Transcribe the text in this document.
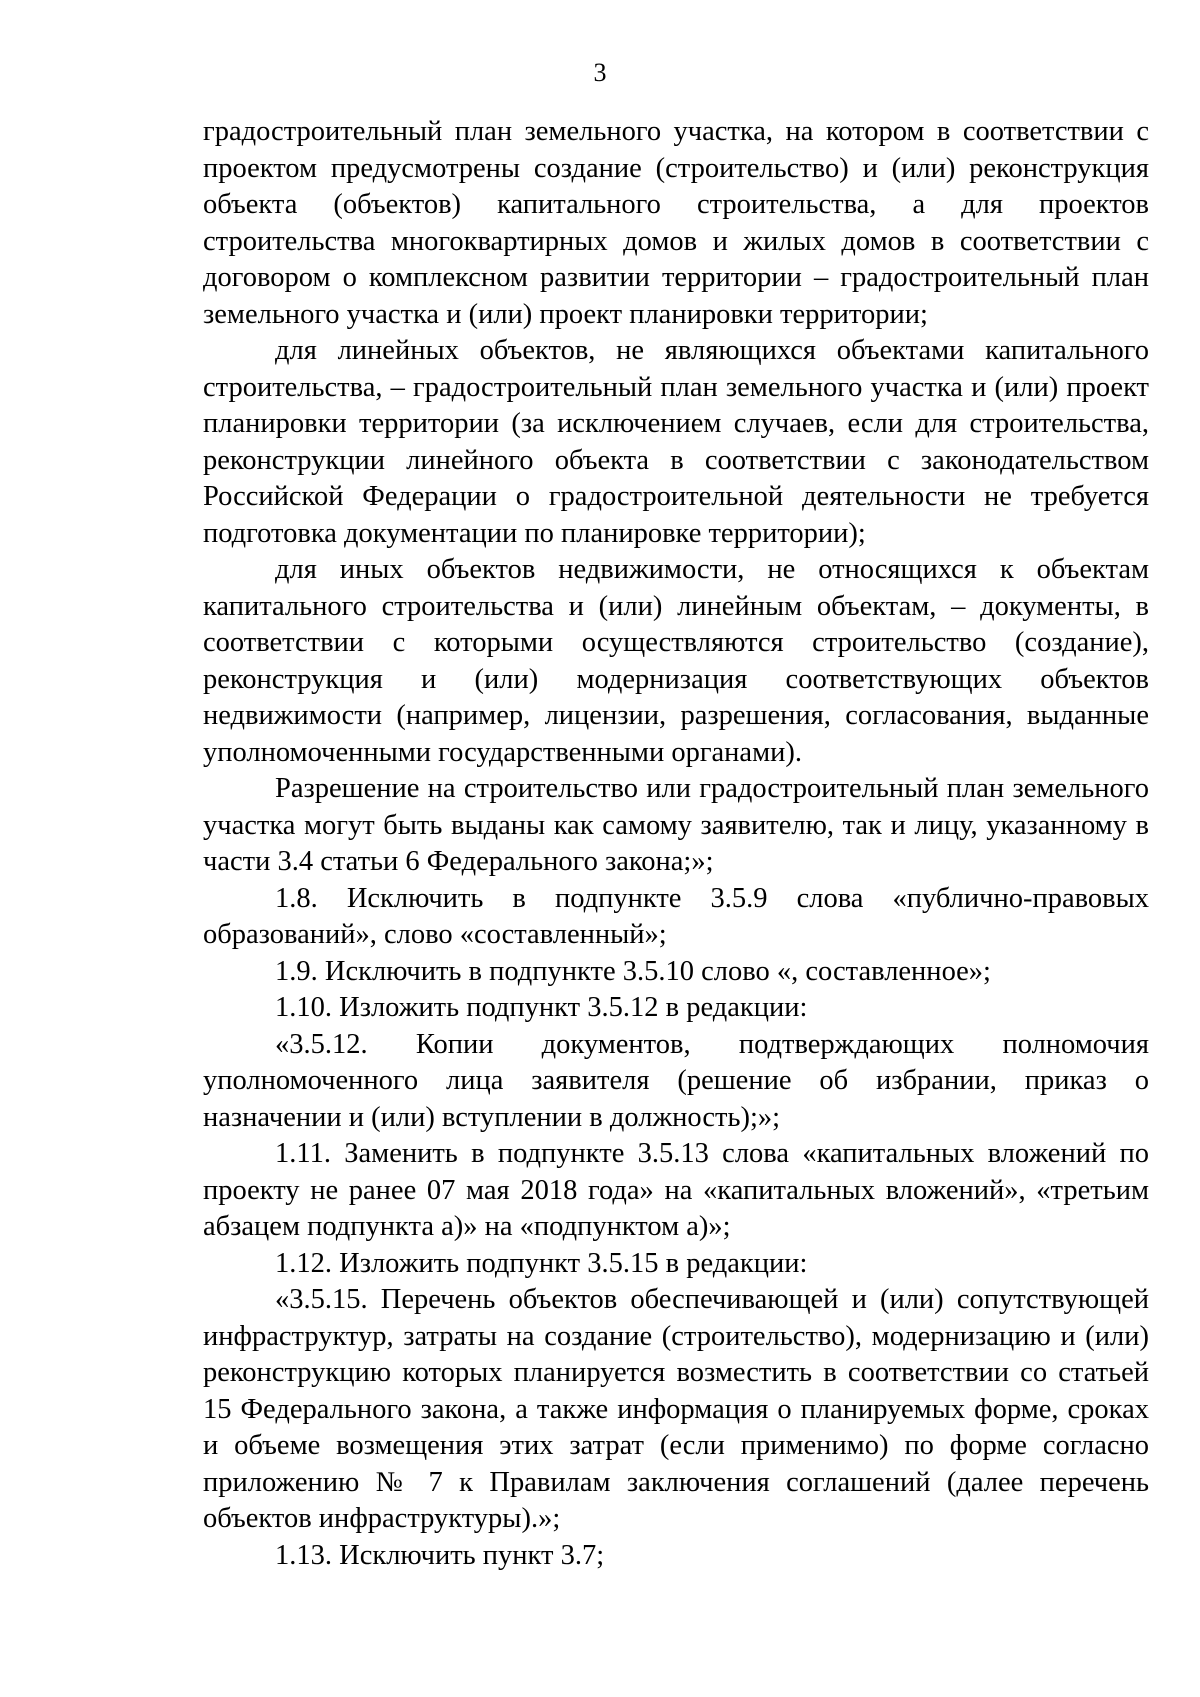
3

градостроительный план земельного участка, на котором в соответствии с проектом предусмотрены создание (строительство) и (или) реконструкция объекта (объектов) капитального строительства, а для проектов строительства многоквартирных домов и жилых домов в соответствии с договором о комплексном развитии территории – градостроительный план земельного участка и (или) проект планировки территории;

для линейных объектов, не являющихся объектами капитального строительства, – градостроительный план земельного участка и (или) проект планировки территории (за исключением случаев, если для строительства, реконструкции линейного объекта в соответствии с законодательством Российской Федерации о градостроительной деятельности не требуется подготовка документации по планировке территории);

для иных объектов недвижимости, не относящихся к объектам капитального строительства и (или) линейным объектам, – документы, в соответствии с которыми осуществляются строительство (создание), реконструкция и (или) модернизация соответствующих объектов недвижимости (например, лицензии, разрешения, согласования, выданные уполномоченными государственными органами).

Разрешение на строительство или градостроительный план земельного участка могут быть выданы как самому заявителю, так и лицу, указанному в части 3.4 статьи 6 Федерального закона;»;

1.8. Исключить в подпункте 3.5.9 слова «публично-правовых образований», слово «составленный»;

1.9. Исключить в подпункте 3.5.10 слово «, составленное»;

1.10. Изложить подпункт 3.5.12 в редакции:

«3.5.12. Копии документов, подтверждающих полномочия уполномоченного лица заявителя (решение об избрании, приказ о назначении и (или) вступлении в должность);»;

1.11. Заменить в подпункте 3.5.13 слова «капитальных вложений по проекту не ранее 07 мая 2018 года» на «капитальных вложений», «третьим абзацем подпункта а)» на «подпунктом а)»;

1.12. Изложить подпункт 3.5.15 в редакции:

«3.5.15. Перечень объектов обеспечивающей и (или) сопутствующей инфраструктур, затраты на создание (строительство), модернизацию и (или) реконструкцию которых планируется возместить в соответствии со статьей 15 Федерального закона, а также информация о планируемых форме, сроках и объеме возмещения этих затрат (если применимо) по форме согласно приложению № 7 к Правилам заключения соглашений (далее перечень объектов инфраструктуры).»;

1.13. Исключить пункт 3.7;
